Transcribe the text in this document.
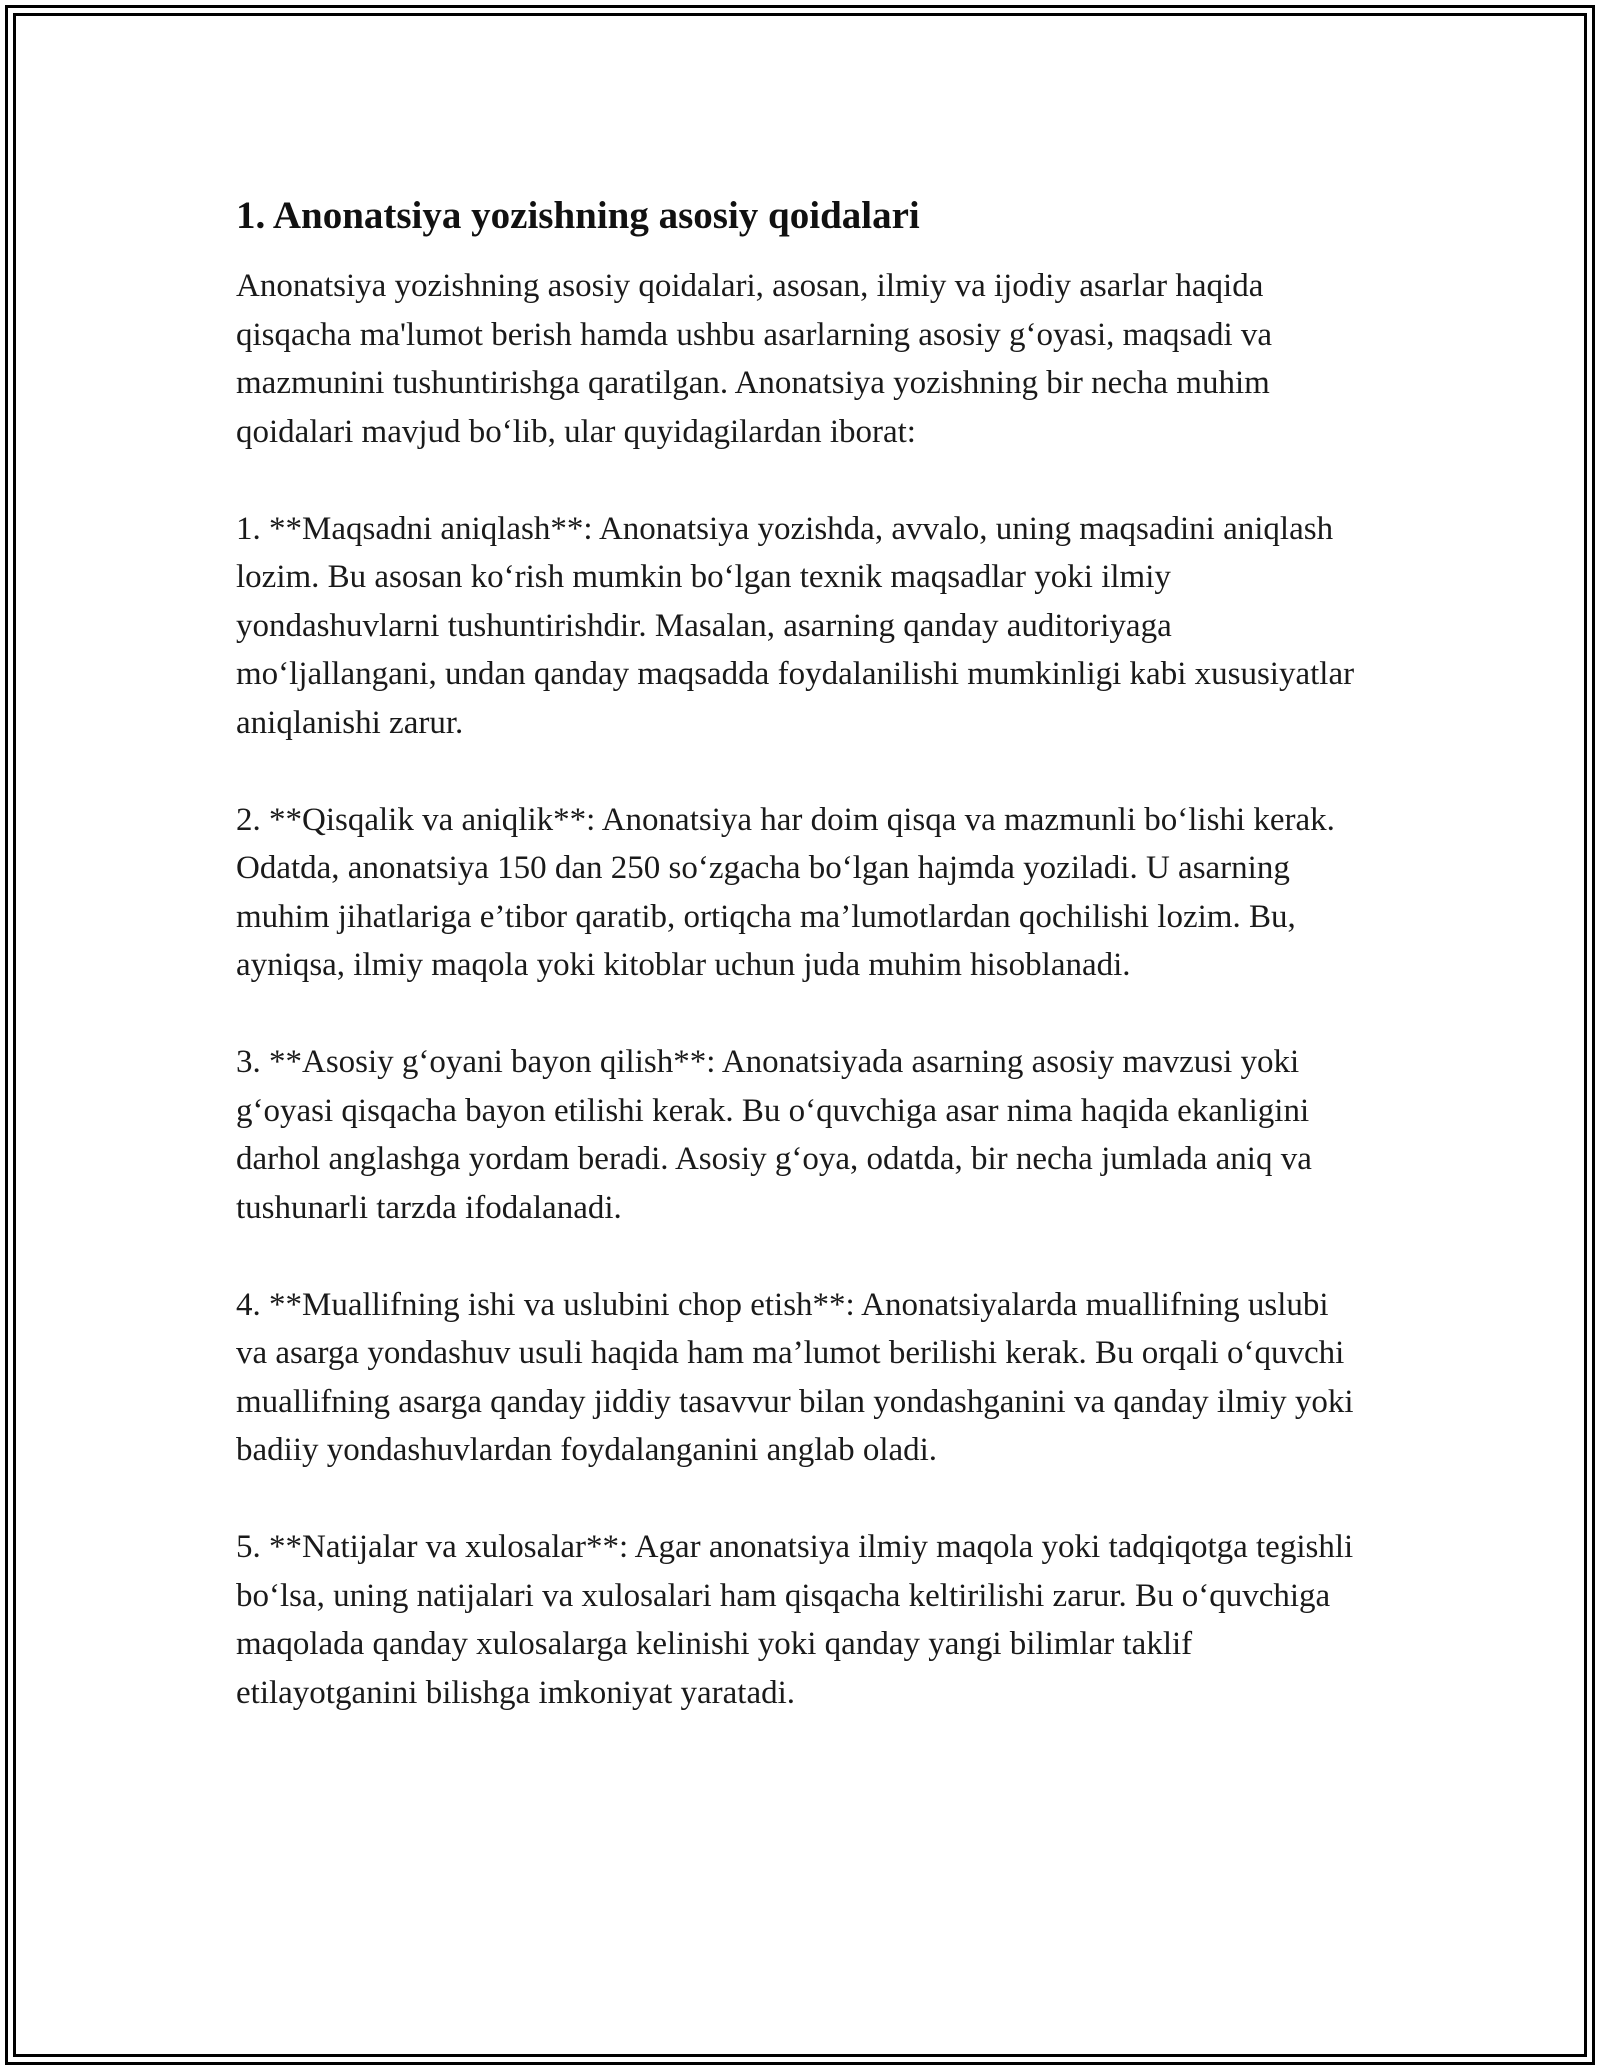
1. Anonatsiya yozishning asosiy qoidalari

Anonatsiya yozishning asosiy qoidalari, asosan, ilmiy va ijodiy asarlar haqida qisqacha ma'lumot berish hamda ushbu asarlarning asosiy g‘oyasi, maqsadi va mazmunini tushuntirishga qaratilgan. Anonatsiya yozishning bir necha muhim qoidalari mavjud bo‘lib, ular quyidagilardan iborat:

1. **Maqsadni aniqlash**: Anonatsiya yozishda, avvalo, uning maqsadini aniqlash lozim. Bu asosan ko‘rish mumkin bo‘lgan texnik maqsadlar yoki ilmiy yondashuvlarni tushuntirishdir. Masalan, asarning qanday auditoriyaga mo‘ljallangani, undan qanday maqsadda foydalanilishi mumkinligi kabi xususiyatlar aniqlanishi zarur.

2. **Qisqalik va aniqlik**: Anonatsiya har doim qisqa va mazmunli bo‘lishi kerak. Odatda, anonatsiya 150 dan 250 so‘zgacha bo‘lgan hajmda yoziladi. U asarning muhim jihatlariga e’tibor qaratib, ortiqcha ma’lumotlardan qochilishi lozim. Bu, ayniqsa, ilmiy maqola yoki kitoblar uchun juda muhim hisoblanadi.

3. **Asosiy g‘oyani bayon qilish**: Anonatsiyada asarning asosiy mavzusi yoki g‘oyasi qisqacha bayon etilishi kerak. Bu o‘quvchiga asar nima haqida ekanligini darhol anglashga yordam beradi. Asosiy g‘oya, odatda, bir necha jumlada aniq va tushunarli tarzda ifodalanadi.

4. **Muallifning ishi va uslubini chop etish**: Anonatsiyalarda muallifning uslubi va asarga yondashuv usuli haqida ham ma’lumot berilishi kerak. Bu orqali o‘quvchi muallifning asarga qanday jiddiy tasavvur bilan yondashganini va qanday ilmiy yoki badiiy yondashuvlardan foydalanganini anglab oladi.

5. **Natijalar va xulosalar**: Agar anonatsiya ilmiy maqola yoki tadqiqotga tegishli bo‘lsa, uning natijalari va xulosalari ham qisqacha keltirilishi zarur. Bu o‘quvchiga maqolada qanday xulosalarga kelinishi yoki qanday yangi bilimlar taklif etilayotganini bilishga imkoniyat yaratadi.
